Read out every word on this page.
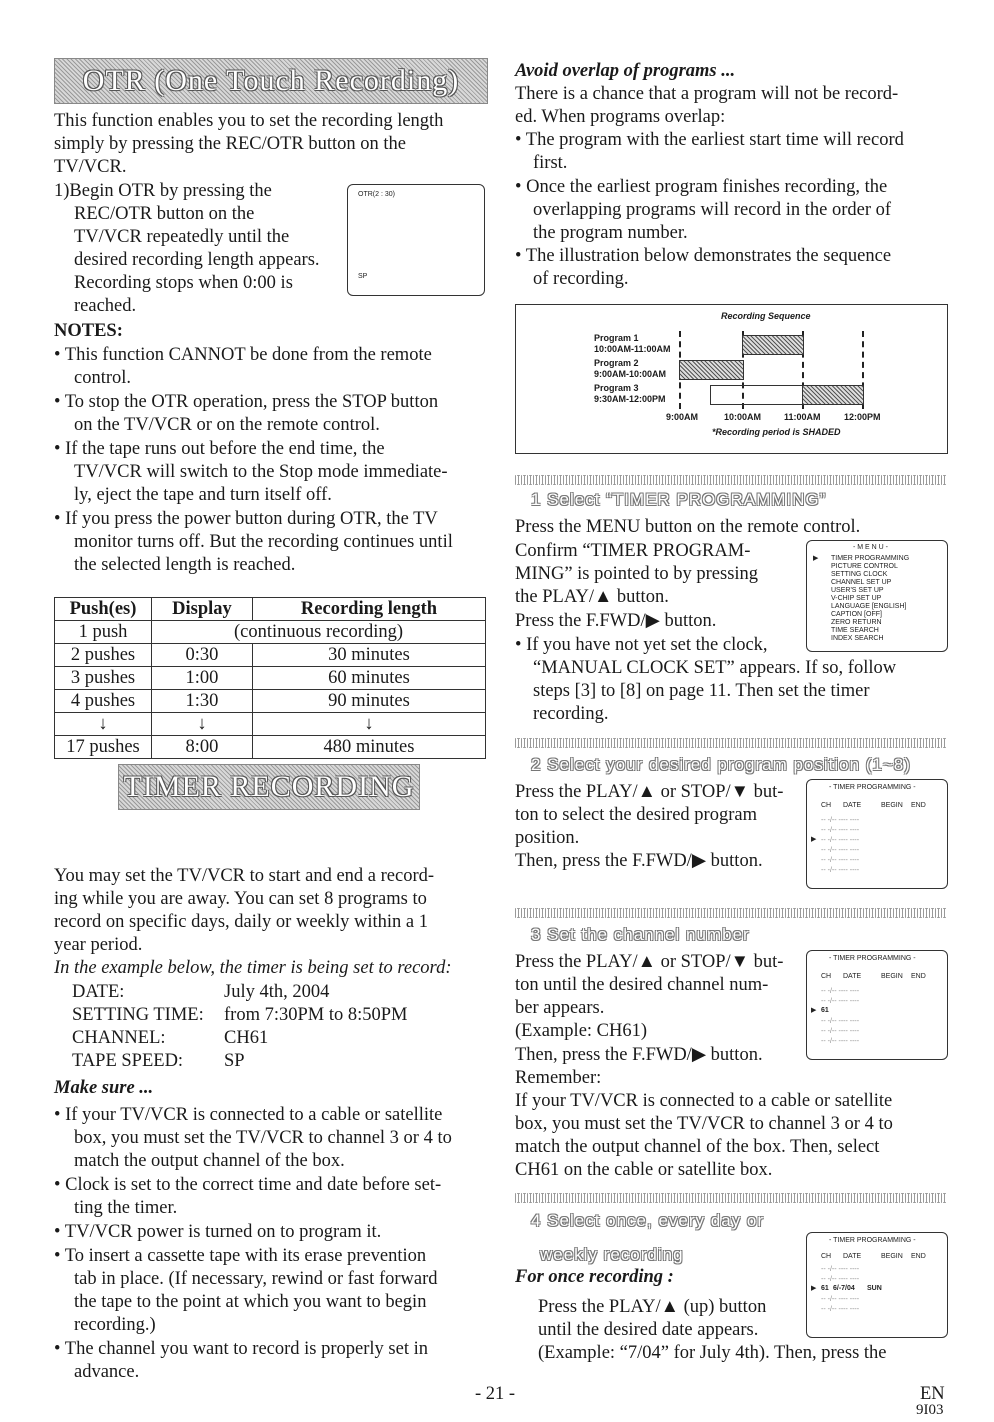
OTR (One Touch Recording)
This function enables you to set the recording length
simply by pressing the REC/OTR button on the
TV/VCR.
1)Begin OTR by pressing the
REC/OTR button on the
TV/VCR repeatedly until the
desired recording length appears.
Recording stops when 0:00 is
reached.
OTR(2 : 30)
SP
NOTES:
• This function CANNOT be done from the remote
control.
• To stop the OTR operation, press the STOP button
on the TV/VCR or on the remote control.
• If the tape runs out before the end time, the
TV/VCR will switch to the Stop mode immediate-
ly, eject the tape and turn itself off.
• If you press the power button during OTR, the TV
monitor turns off. But the recording continues until
the selected length is reached.
Push(es)	Display	Recording length
1 push	(continuous recording)	
2 pushes	0:30	30 minutes
3 pushes	1:00	60 minutes
4 pushes	1:30	90 minutes
↓	↓	↓
17 pushes	8:00	480 minutes
TIMER RECORDING
You may set the TV/VCR to start and end a record-
ing while you are away. You can set 8 programs to
record on specific days, daily or weekly within a 1
year period.
In the example below, the timer is being set to record:
DATE:	July 4th, 2004
SETTING TIME: from 7:30PM to 8:50PM
CHANNEL:	CH61
TAPE SPEED: SP
Make sure ...
• If your TV/VCR is connected to a cable or satellite
box, you must set the TV/VCR to channel 3 or 4 to
match the output channel of the box.
• Clock is set to the correct time and date before set-
ting the timer.
• TV/VCR power is turned on to program it.
• To insert a cassette tape with its erase prevention
tab in place. (If necessary, rewind or fast forward
the tape to the point at which you want to begin
recording.)
• The channel you want to record is properly set in
advance.
Avoid overlap of programs ...
There is a chance that a program will not be record-
ed. When programs overlap:
• The program with the earliest start time will record
first.
• Once the earliest program finishes recording, the
overlapping programs will record in the order of
the program number.
• The illustration below demonstrates the sequence
of recording.
Recording Sequence
Program 1
10:00AM-11:00AM
Program 2
9:00AM-10:00AM
Program 3
9:30AM-12:00PM
9:00AM	10:00AM	11:00AM	12:00PM
*Recording period is SHADED
1 Select “TIMER PROGRAMMING”
Press the MENU button on the remote control.
Confirm “TIMER PROGRAM-
MING” is pointed to by pressing
the PLAY/▲ button.
Press the F.FWD/▶ button.
• If you have not yet set the clock,
“MANUAL CLOCK SET” appears. If so, follow
steps [3] to [8] on page 11. Then set the timer
recording.
- M E N U -
▶ TIMER PROGRAMMING
PICTURE CONTROL
SETTING CLOCK
CHANNEL SET UP
USER'S SET UP
V-CHIP SET UP
LANGUAGE [ENGLISH]
CAPTION [OFF]
ZERO RETURN
TIME SEARCH
INDEX SEARCH
2 Select your desired program position (1~8)
Press the PLAY/▲ or STOP/▼ but-
ton to select the desired program
position.
Then, press the F.FWD/▶ button.
- TIMER PROGRAMMING -
CH DATE	BEGIN END
-- -/-- ---- ----
-- -/-- ---- ----
-- -/-- ---- ----
-- -/-- ---- ----
-- -/-- ---- ----
-- -/-- ---- ----
▶
3 Set the channel number
Press the PLAY/▲ or STOP/▼ but-
ton until the desired channel num-
ber appears.
(Example: CH61)
Then, press the F.FWD/▶ button.
Remember:
If your TV/VCR is connected to a cable or satellite
box, you must set the TV/VCR to channel 3 or 4 to
match the output channel of the box. Then, select
CH61 on the cable or satellite box.
- TIMER PROGRAMMING -
CH DATE	BEGIN END
-- -/-- ---- ----
-- -/-- ---- ----

-- -/-- ---- ----
-- -/-- ---- ----
-- -/-- ---- ----
▶ 61
4 Select once, every day or
weekly recording
For once recording :
Press the PLAY/▲ (up) button
until the desired date appears.
(Example: “7/04” for July 4th). Then, press the
- TIMER PROGRAMMING -
CH DATE	BEGIN END
-- -/-- ---- ----
-- -/-- ---- ----

-- -/-- ---- ----
-- -/-- ---- ----
▶ 61 6/-7/04 SUN
- 21 -	EN
9I03
